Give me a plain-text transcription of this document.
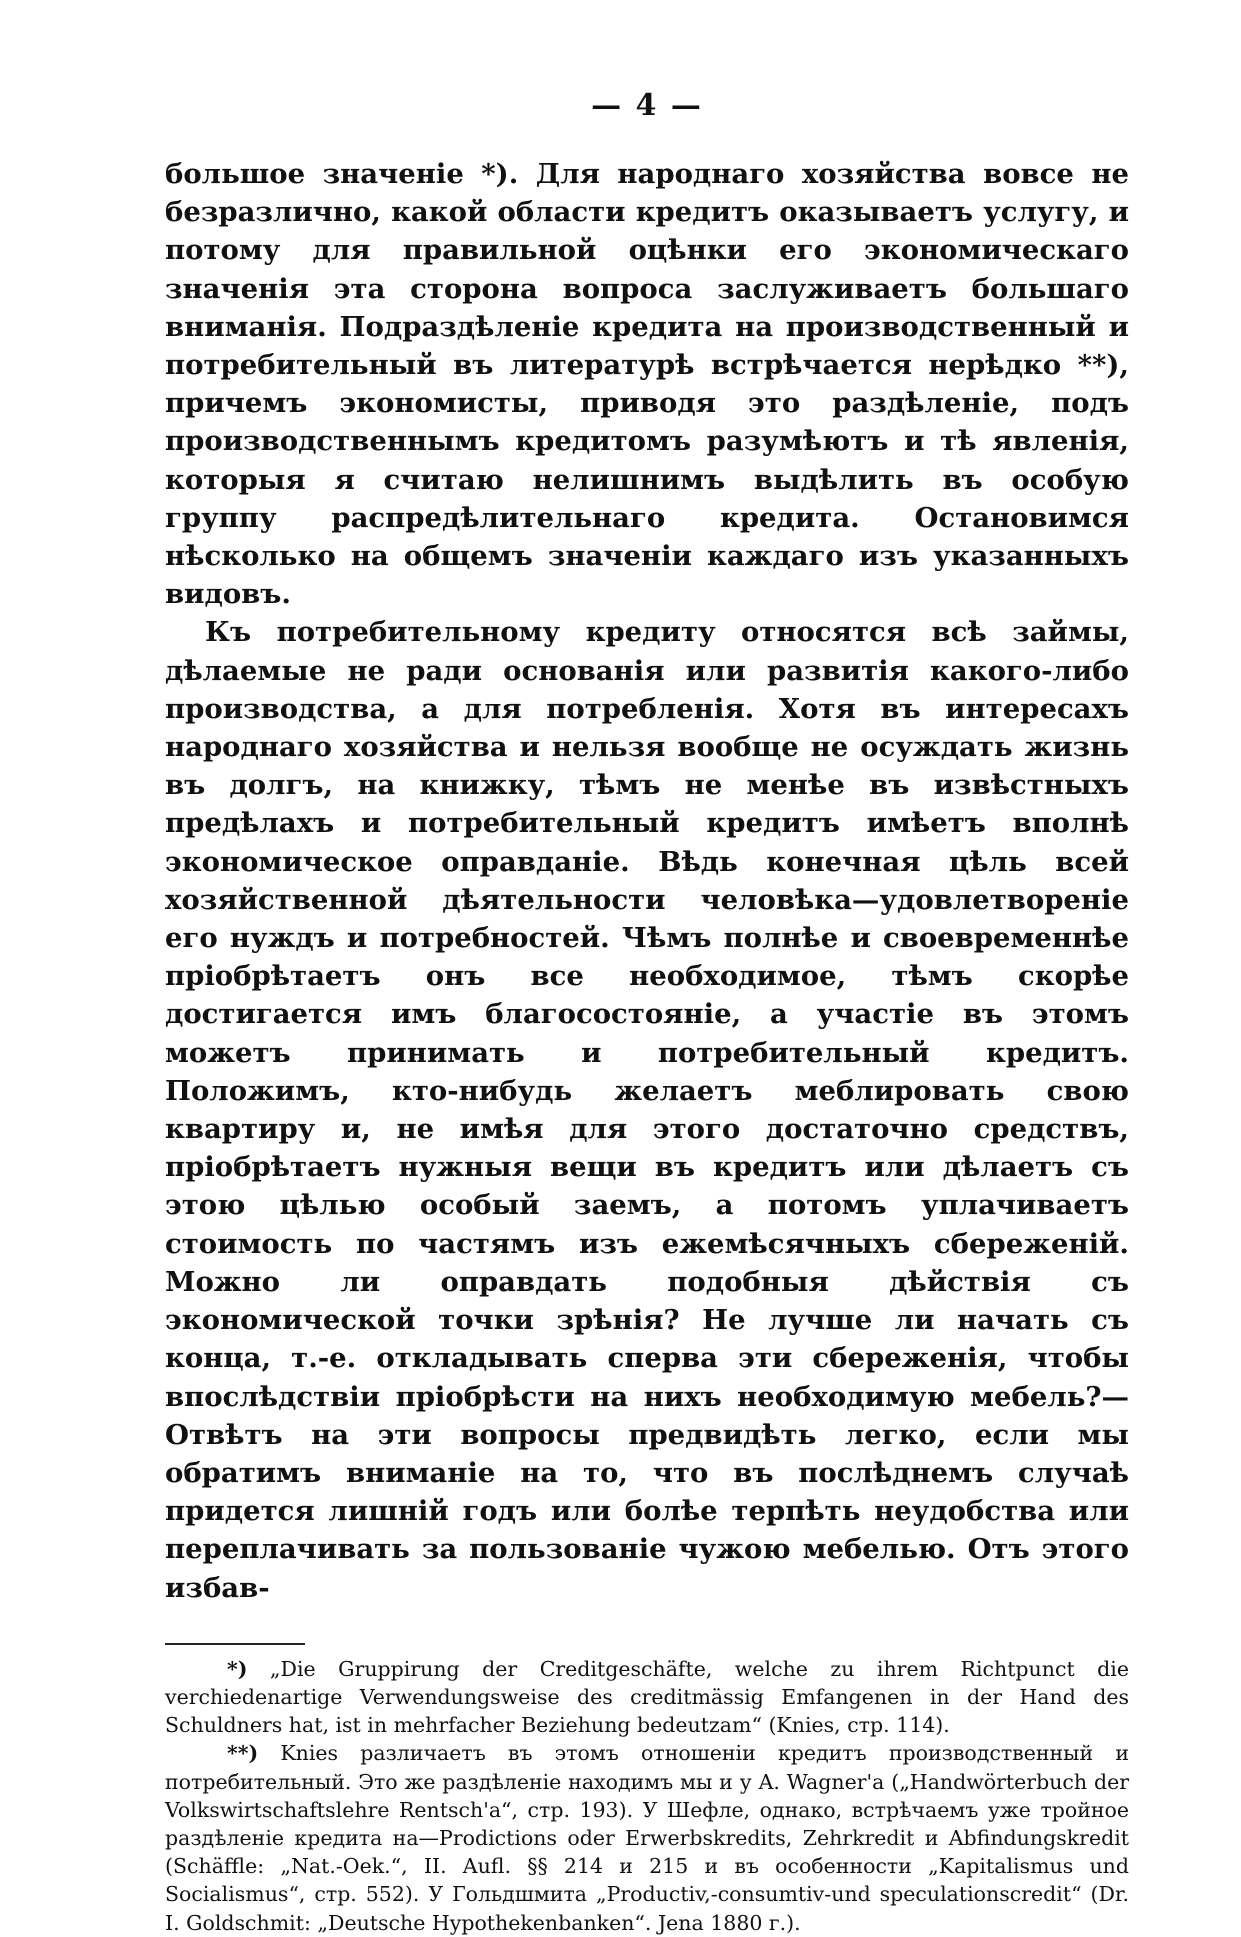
— 4 —

большое значеніе *). Для народнаго хозяйства вовсе не безразлично, какой области кредитъ оказываетъ услугу, и потому для правильной оцѣнки его экономическаго значенія эта сторона вопроса заслуживаетъ большаго вниманія. Подраздѣленіе кредита на производственный и потребительный въ литературѣ встрѣчается нерѣдко **), причемъ экономисты, приводя это раздѣленіе, подъ производственнымъ кредитомъ разумѣютъ и тѣ явленія, которыя я считаю нелишнимъ выдѣлить въ особую группу распредѣлительнаго кредита. Остановимся нѣсколько на общемъ значеніи каждаго изъ указанныхъ видовъ.

Къ потребительному кредиту относятся всѣ займы, дѣлаемые не ради основанія или развитія какого-либо производства, а для потребленія. Хотя въ интересахъ народнаго хозяйства и нельзя вообще не осуждать жизнь въ долгъ, на книжку, тѣмъ не менѣе въ извѣстныхъ предѣлахъ и потребительный кредитъ имѣетъ вполнѣ экономическое оправданіе. Вѣдь конечная цѣль всей хозяйственной дѣятельности человѣка—удовлетвореніе его нуждъ и потребностей. Чѣмъ полнѣе и своевременнѣе пріобрѣтаетъ онъ все необходимое, тѣмъ скорѣе достигается имъ благосостояніе, а участіе въ этомъ можетъ принимать и потребительный кредитъ. Положимъ, кто-нибудь желаетъ меблировать свою квартиру и, не имѣя для этого достаточно средствъ, пріобрѣтаетъ нужныя вещи въ кредитъ или дѣлаетъ съ этою цѣлью особый заемъ, а потомъ уплачиваетъ стоимость по частямъ изъ ежемѣсячныхъ сбереженій. Можно ли оправдать подобныя дѣйствія съ экономической точки зрѣнія? Не лучше ли начать съ конца, т.-е. откладывать сперва эти сбереженія, чтобы впослѣдствіи пріобрѣсти на нихъ необходимую мебель?—Отвѣтъ на эти вопросы предвидѣть легко, если мы обратимъ вниманіе на то, что въ послѣднемъ случаѣ придется лишній годъ или болѣе терпѣть неудобства или переплачивать за пользованіе чужою мебелью. Отъ этого избав-

*) „Die Gruppirung der Creditgeschäfte, welche zu ihrem Richtpunct die verchiedenartige Verwendungsweise des creditmässig Emfangenen in der Hand des Schuldners hat, ist in mehrfacher Beziehung bedeutzam“ (Knies, стр. 114).

**) Knies различаетъ въ этомъ отношеніи кредитъ производственный и потребительный. Это же раздѣленіе находимъ мы и у A. Wagner'a („Handwörterbuch der Volkswirtschaftslehre Rentsch'a“, стр. 193). У Шефле, однако, встрѣчаемъ уже тройное раздѣленіе кредита на—Prodictions oder Erwerbskredits, Zehrkredit и Abfindungskredit (Schäffle: „Nat.-Oek.“, II. Aufl. §§ 214 и 215 и въ особенности „Kapitalismus und Socialismus“, стр. 552). У Гольдшмита „Productiv,-consumtiv-und speculationscredit“ (Dr. I. Goldschmit: „Deutsche Hypothekenbanken“. Jena 1880 г.).
